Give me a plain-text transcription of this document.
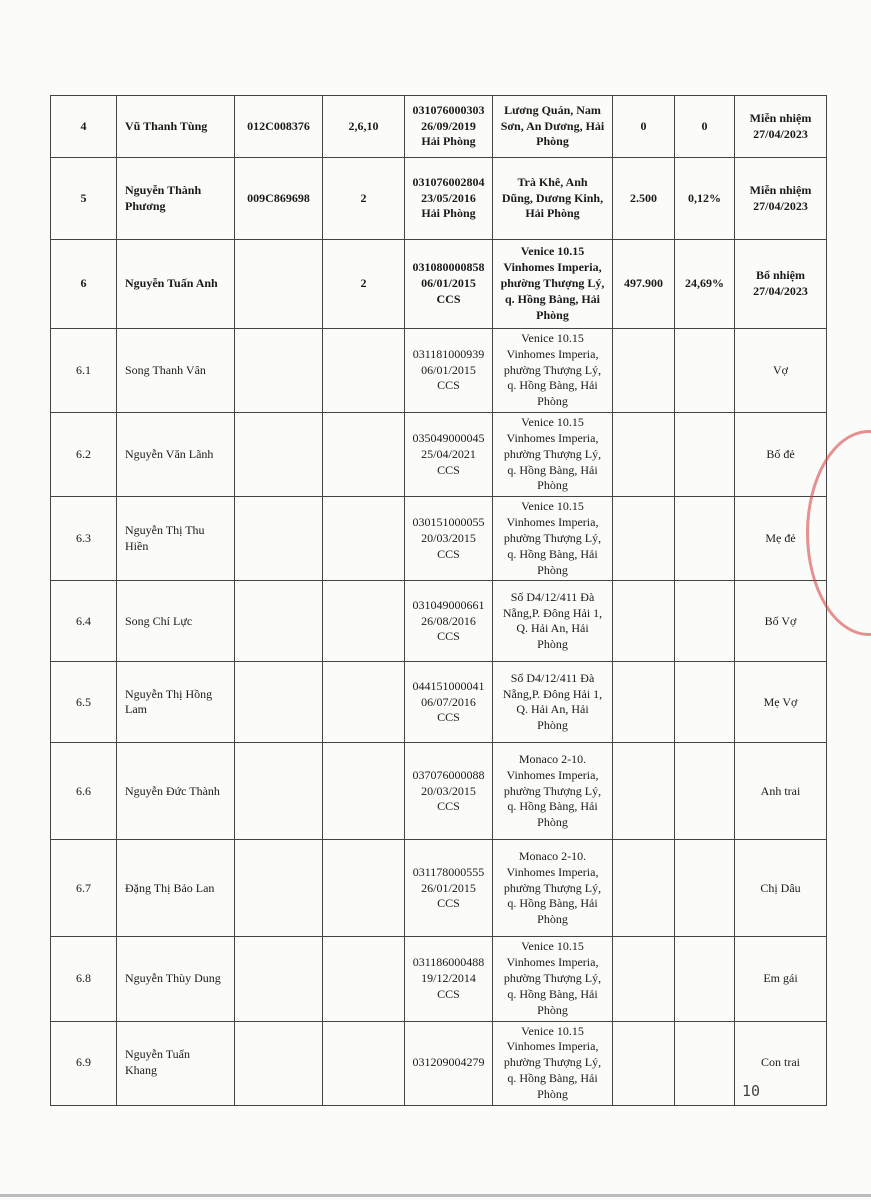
4	Vũ Thanh Tùng	012C008376	2,6,10	031076000303
26/09/2019
Hải Phòng	Lương Quán, Nam
Sơn, An Dương, Hải
Phòng	0	0	Miễn nhiệm
27/04/2023
5	Nguyễn Thành
Phương	009C869698	2	031076002804
23/05/2016
Hải Phòng	Trà Khê, Anh
Dũng, Dương Kinh,
Hải Phòng	2.500	0,12%	Miễn nhiệm
27/04/2023
6	Nguyễn Tuấn Anh		2	031080000858
06/01/2015
CCS	Venice 10.15
Vinhomes Imperia,
phường Thượng Lý,
q. Hồng Bàng, Hải
Phòng	497.900	24,69%	Bổ nhiệm
27/04/2023
6.1	Song Thanh Vân			031181000939
06/01/2015
CCS	Venice 10.15
Vinhomes Imperia,
phường Thượng Lý,
q. Hồng Bàng, Hải
Phòng			Vợ
6.2	Nguyễn Văn Lãnh			035049000045
25/04/2021
CCS	Venice 10.15
Vinhomes Imperia,
phường Thượng Lý,
q. Hồng Bàng, Hải
Phòng			Bố đẻ
6.3	Nguyễn Thị Thu
Hiền			030151000055
20/03/2015
CCS	Venice 10.15
Vinhomes Imperia,
phường Thượng Lý,
q. Hồng Bàng, Hải
Phòng			Mẹ đẻ
6.4	Song Chí Lực			031049000661
26/08/2016
CCS	Số D4/12/411 Đà
Nẵng,P. Đông Hải 1,
Q. Hải An, Hải
Phòng			Bố Vợ
6.5	Nguyễn Thị Hồng
Lam			044151000041
06/07/2016
CCS	Số D4/12/411 Đà
Nẵng,P. Đông Hải 1,
Q. Hải An, Hải
Phòng			Mẹ Vợ
6.6	Nguyễn Đức Thành			037076000088
20/03/2015
CCS	Monaco 2-10.
Vinhomes Imperia,
phường Thượng Lý,
q. Hồng Bàng, Hải
Phòng			Anh trai
6.7	Đặng Thị Bảo Lan			031178000555
26/01/2015
CCS	Monaco 2-10.
Vinhomes Imperia,
phường Thượng Lý,
q. Hồng Bàng, Hải
Phòng			Chị Dâu
6.8	Nguyễn Thùy Dung			031186000488
19/12/2014
CCS	Venice 10.15
Vinhomes Imperia,
phường Thượng Lý,
q. Hồng Bàng, Hải
Phòng			Em gái
6.9	Nguyễn Tuấn
Khang			031209004279	Venice 10.15
Vinhomes Imperia,
phường Thượng Lý,
q. Hồng Bàng, Hải
Phòng			Con trai
10
